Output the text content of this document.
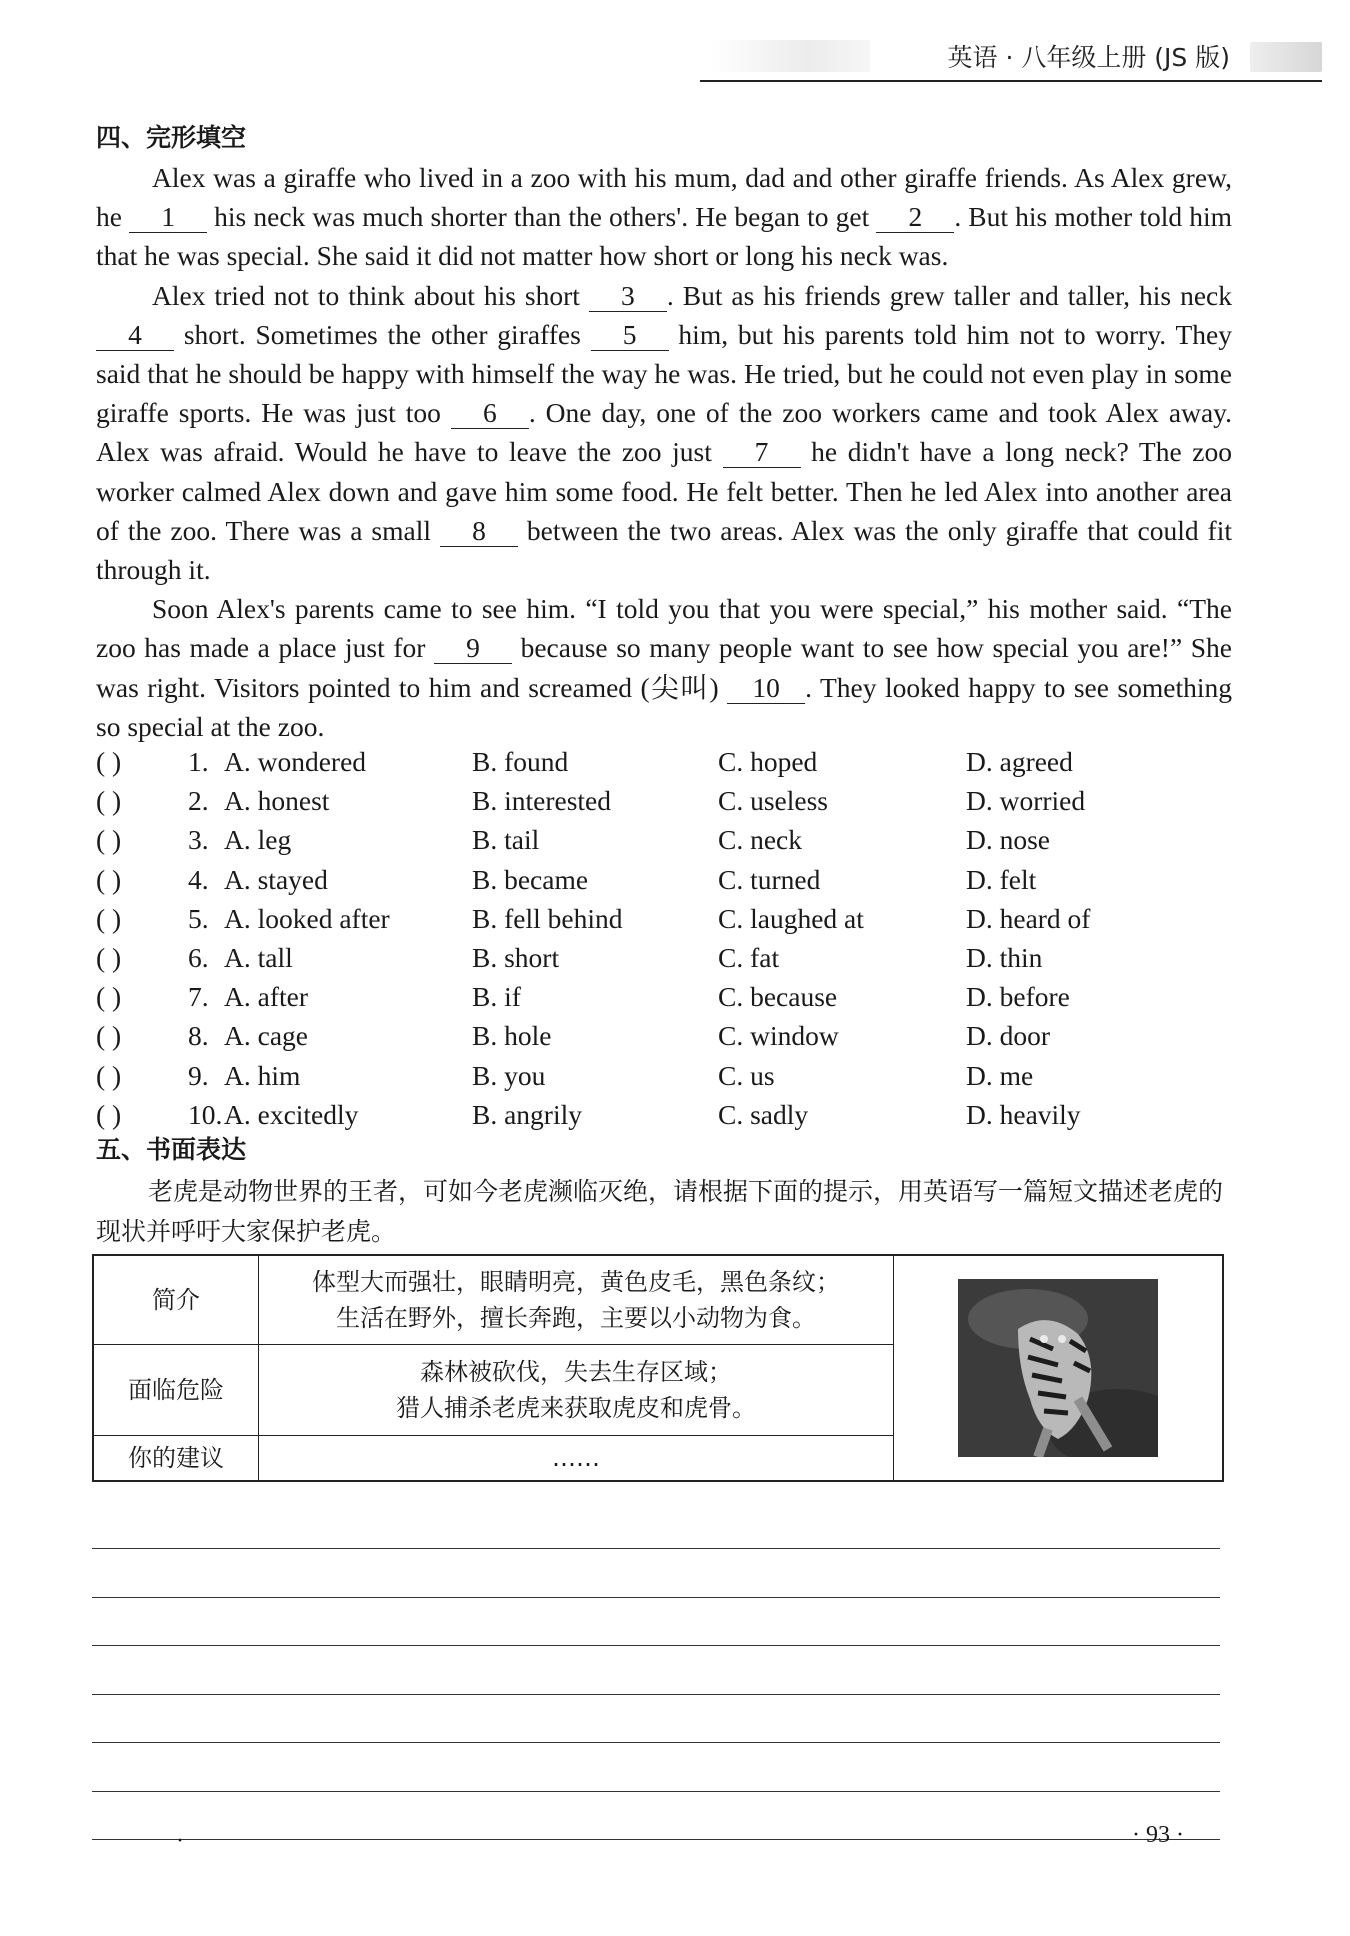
英语 · 八年级上册 (JS 版)
四、完形填空

Alex was a giraffe who lived in a zoo with his mum, dad and other giraffe friends. As Alex grew, he 1 his neck was much shorter than the others'. He began to get 2 . But his mother told him that he was special. She said it did not matter how short or long his neck was.

Alex tried not to think about his short 3 . But as his friends grew taller and taller, his neck 4 short. Sometimes the other giraffes 5 him, but his parents told him not to worry. They said that he should be happy with himself the way he was. He tried, but he could not even play in some giraffe sports. He was just too 6 . One day, one of the zoo workers came and took Alex away. Alex was afraid. Would he have to leave the zoo just 7 he didn't have a long neck? The zoo worker calmed Alex down and gave him some food. He felt better. Then he led Alex into another area of the zoo. There was a small 8 between the two areas. Alex was the only giraffe that could fit through it.

Soon Alex's parents came to see him. “I told you that you were special,” his mother said. “The zoo has made a place just for 9 because so many people want to see how special you are!” She was right. Visitors pointed to him and screamed (尖叫) 10 . They looked happy to see something so special at the zoo.

( ) 1. A. wondered	B. found	C. hoped	D. agreed
( ) 2. A. honest	B. interested	C. useless	D. worried
( ) 3. A. leg	B. tail	C. neck	D. nose
( ) 4. A. stayed	B. became	C. turned	D. felt
( ) 5. A. looked after	B. fell behind	C. laughed at	D. heard of
( ) 6. A. tall	B. short	C. fat	D. thin
( ) 7. A. after	B. if	C. because	D. before
( ) 8. A. cage	B. hole	C. window	D. door
( ) 9. A. him	B. you	C. us	D. me
( ) 10. A. excitedly	B. angrily	C. sadly	D. heavily
五、书面表达
老虎是动物世界的王者，可如今老虎濒临灭绝，请根据下面的提示，用英语写一篇短文描述老虎的现状并呼吁大家保护老虎。
简介	体型大而强壮，眼睛明亮，黄色皮毛，黑色条纹；
生活在野外，擅长奔跑，主要以小动物为食。

面临危险	森林被砍伐，失去生存区域；
猎人捕杀老虎来获取虎皮和虎骨。	

你的建议	……	
·	· 93 ·
